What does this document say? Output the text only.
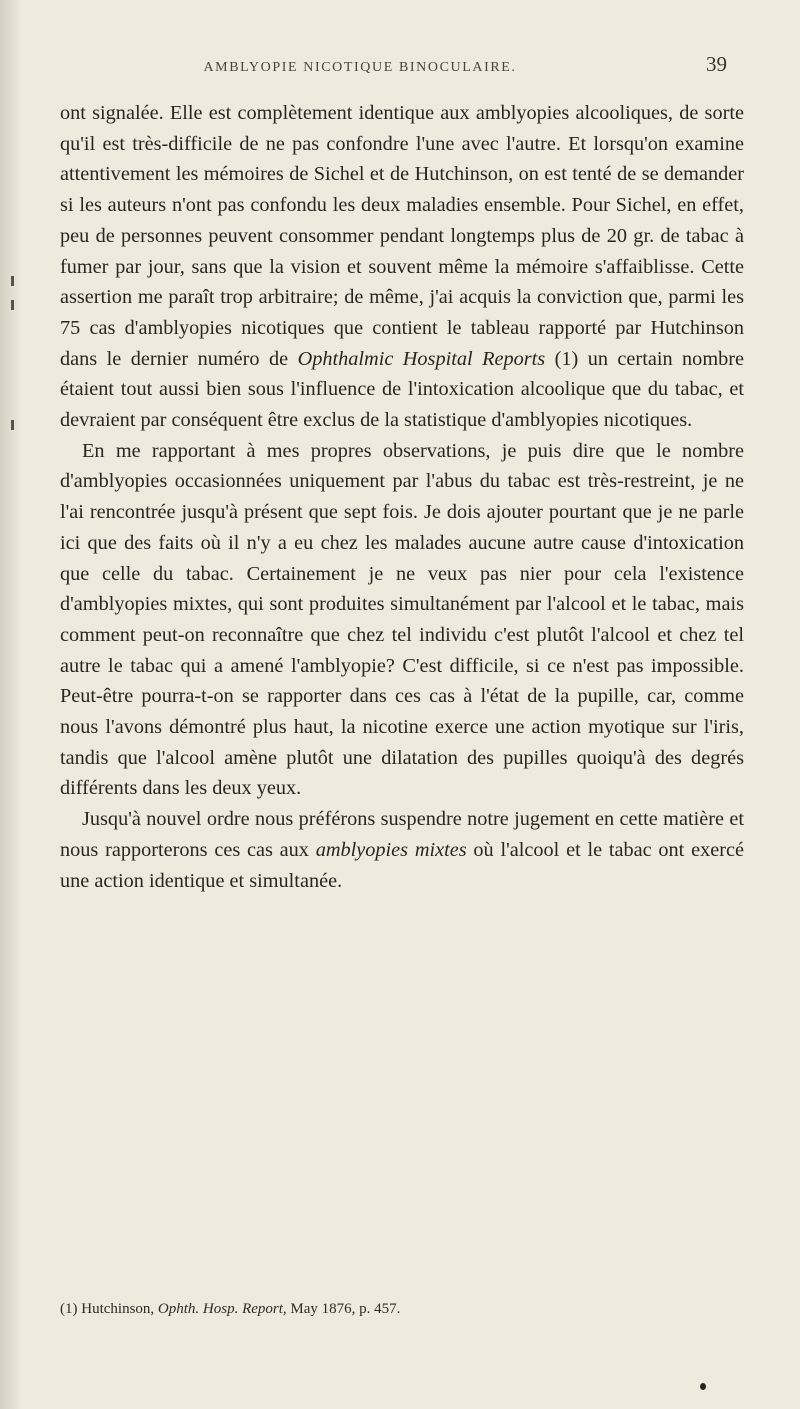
AMBLYOPIE NICOTIQUE BINOCULAIRE.	39

ont signalée. Elle est complètement identique aux amblyopies alcooliques, de sorte qu'il est très-difficile de ne pas confondre l'une avec l'autre. Et lorsqu'on examine attentivement les mémoires de Sichel et de Hutchinson, on est tenté de se demander si les auteurs n'ont pas confondu les deux maladies ensemble. Pour Sichel, en effet, peu de personnes peuvent consommer pendant longtemps plus de 20 gr. de tabac à fumer par jour, sans que la vision et souvent même la mémoire s'affaiblisse. Cette assertion me paraît trop arbitraire; de même, j'ai acquis la conviction que, parmi les 75 cas d'amblyopies nicotiques que contient le tableau rapporté par Hutchinson dans le dernier numéro de Ophthalmic Hospital Reports (1) un certain nombre étaient tout aussi bien sous l'influence de l'intoxication alcoolique que du tabac, et devraient par conséquent être exclus de la statistique d'amblyopies nicotiques.

En me rapportant à mes propres observations, je puis dire que le nombre d'amblyopies occasionnées uniquement par l'abus du tabac est très-restreint, je ne l'ai rencontrée jusqu'à présent que sept fois. Je dois ajouter pourtant que je ne parle ici que des faits où il n'y a eu chez les malades aucune autre cause d'intoxication que celle du tabac. Certainement je ne veux pas nier pour cela l'existence d'amblyopies mixtes, qui sont produites simultanément par l'alcool et le tabac, mais comment peut-on reconnaître que chez tel individu c'est plutôt l'alcool et chez tel autre le tabac qui a amené l'amblyopie? C'est difficile, si ce n'est pas impossible. Peut-être pourra-t-on se rapporter dans ces cas à l'état de la pupille, car, comme nous l'avons démontré plus haut, la nicotine exerce une action myotique sur l'iris, tandis que l'alcool amène plutôt une dilatation des pupilles quoiqu'à des degrés différents dans les deux yeux.

Jusqu'à nouvel ordre nous préférons suspendre notre jugement en cette matière et nous rapporterons ces cas aux amblyopies mixtes où l'alcool et le tabac ont exercé une action identique et simultanée.

(1) Hutchinson, Ophth. Hosp. Report, May 1876, p. 457.
